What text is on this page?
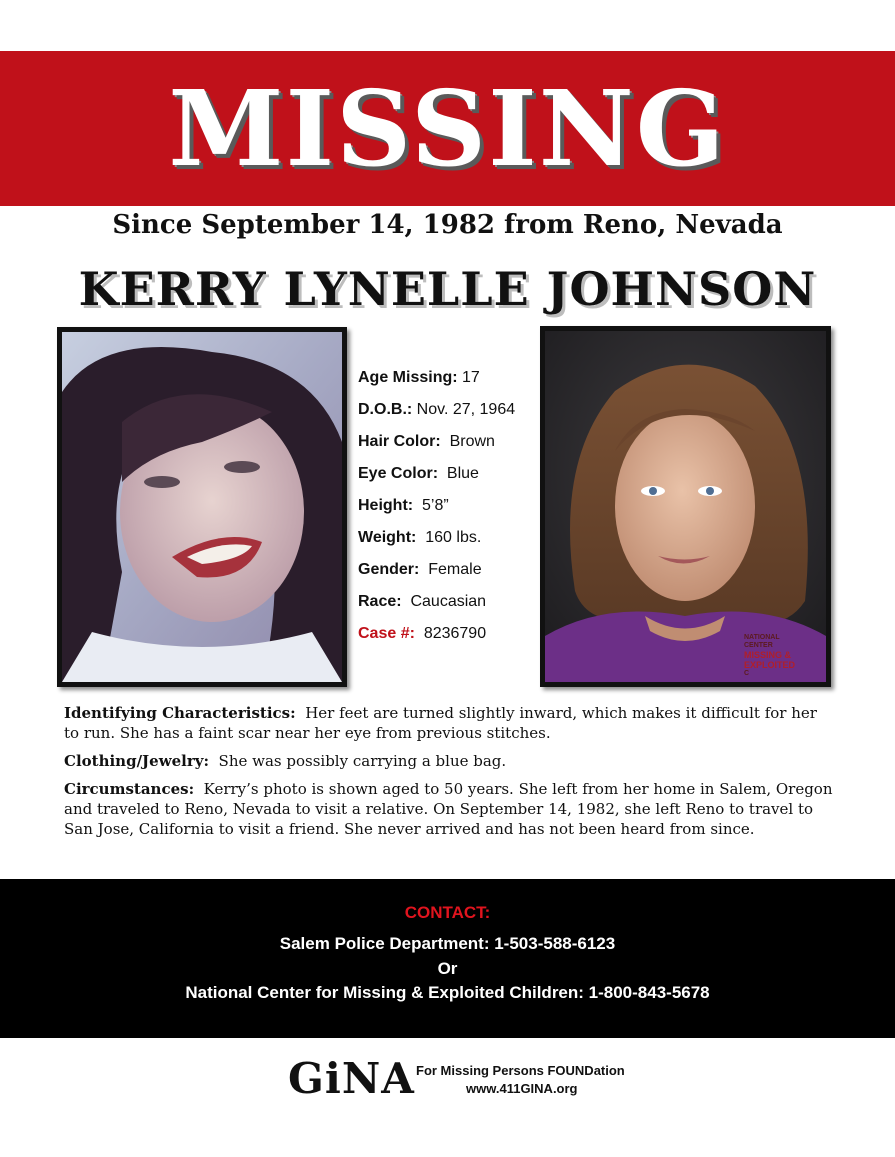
MISSING
Since September 14, 1982 from Reno, Nevada
KERRY LYNELLE JOHNSON
Age Missing: 17
D.O.B.: Nov. 27, 1964
Hair Color: Brown
Eye Color: Blue
Height: 5’8”
Weight: 160 lbs.
Gender: Female
Race: Caucasian
Case #: 8236790	NATIONAL
CENTER
MISSING &
EXPLOITED
C
Identifying Characteristics: Her feet are turned slightly inward, which makes it difficult for her to run. She has a faint scar near her eye from previous stitches.
Clothing/Jewelry: She was possibly carrying a blue bag.
Circumstances: Kerry’s photo is shown aged to 50 years. She left from her home in Salem, Oregon and traveled to Reno, Nevada to visit a relative. On September 14, 1982, she left Reno to travel to San Jose, California to visit a friend. She never arrived and has not been heard from since.
CONTACT:
Salem Police Department: 1-503-588-6123
Or
National Center for Missing & Exploited Children: 1-800-843-5678
GiNA For Missing Persons FOUNDation
www.411GINA.org
